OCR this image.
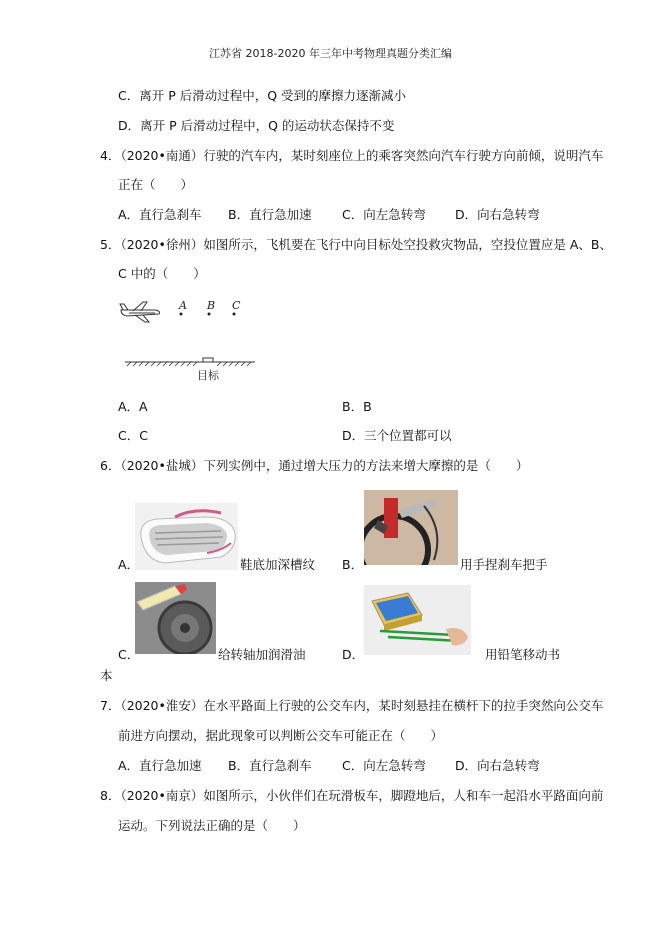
江苏省 2018-2020 年三年中考物理真题分类汇编
C．离开 P 后滑动过程中，Q 受到的摩擦力逐渐减小
D．离开 P 后滑动过程中，Q 的运动状态保持不变
4．（2020•南通）行驶的汽车内，某时刻座位上的乘客突然向汽车行驶方向前倾，说明汽车
正在（　　）
A．直行急刹车 B．直行急加速 C．向左急转弯 D．向右急转弯
5．（2020•徐州）如图所示，飞机要在飞行中向目标处空投救灾物品，空投位置应是 A、B、
C 中的（　　）
A B C
目标
A．A	B．B
C．C	D．三个位置都可以
6．（2020•盐城）下列实例中，通过增大压力的方法来增大摩擦的是（　　）
A．	鞋底加深槽纹 B．	用手捏刹车把手
C．	给转轴加润滑油	D．	用铅笔移动书
本
7．（2020•淮安）在水平路面上行驶的公交车内，某时刻悬挂在横杆下的拉手突然向公交车
前进方向摆动，据此现象可以判断公交车可能正在（　　）
A．直行急加速 B．直行急刹车 C．向左急转弯 D．向右急转弯
8．（2020•南京）如图所示，小伙伴们在玩滑板车，脚蹬地后，人和车一起沿水平路面向前
运动。下列说法正确的是（　　）
